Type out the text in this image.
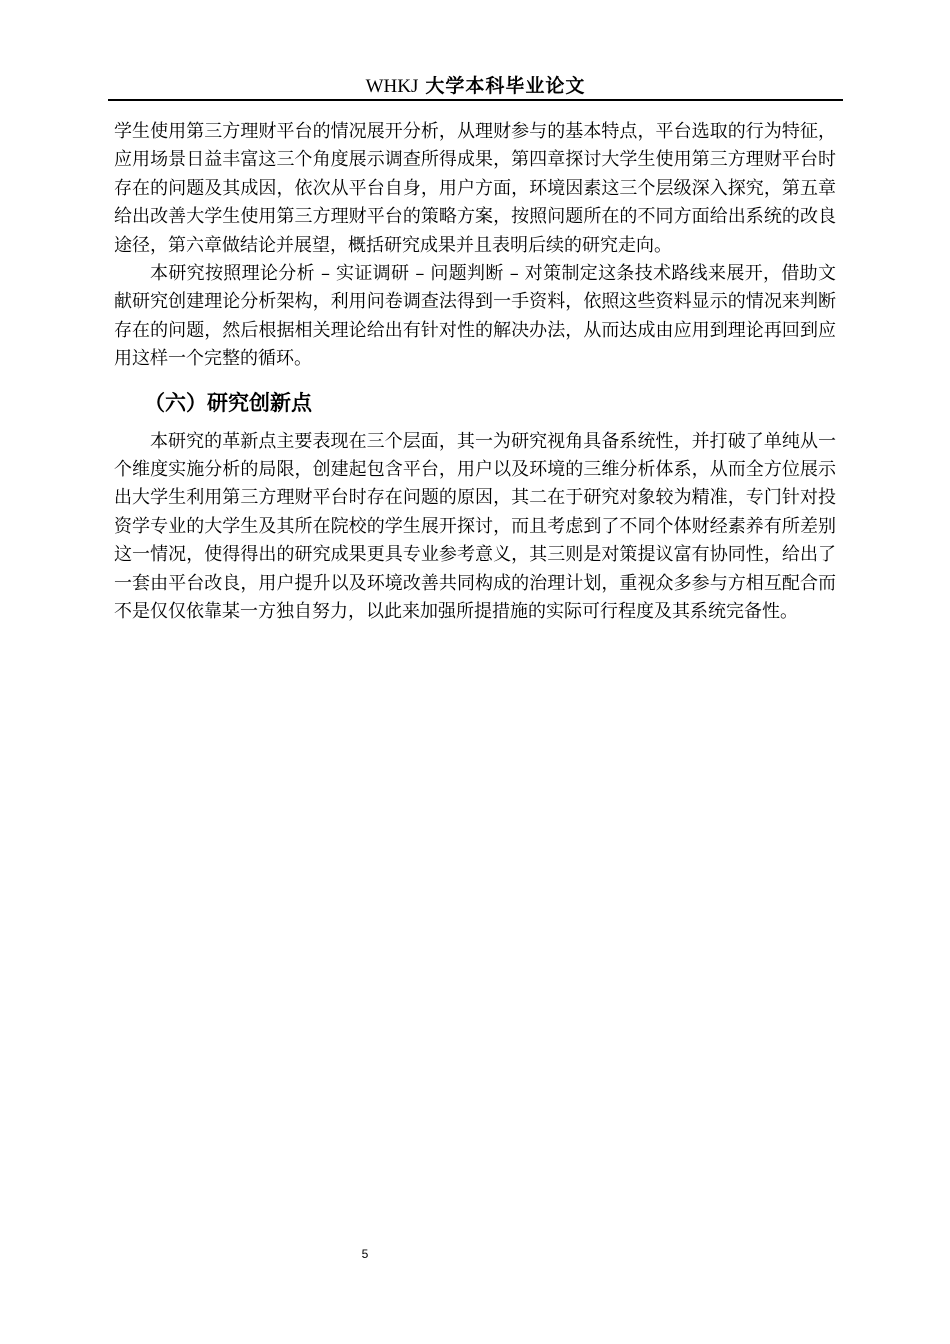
WHKJ 大学本科毕业论文

学生使用第三方理财平台的情况展开分析，从理财参与的基本特点，平台选取的行为特征，应用场景日益丰富这三个角度展示调查所得成果，第四章探讨大学生使用第三方理财平台时存在的问题及其成因，依次从平台自身，用户方面，环境因素这三个层级深入探究，第五章给出改善大学生使用第三方理财平台的策略方案，按照问题所在的不同方面给出系统的改良途径，第六章做结论并展望，概括研究成果并且表明后续的研究走向。

本研究按照理论分析 – 实证调研 – 问题判断 – 对策制定这条技术路线来展开，借助文献研究创建理论分析架构，利用问卷调查法得到一手资料，依照这些资料显示的情况来判断存在的问题，然后根据相关理论给出有针对性的解决办法，从而达成由应用到理论再回到应用这样一个完整的循环。

（六）研究创新点

本研究的革新点主要表现在三个层面，其一为研究视角具备系统性，并打破了单纯从一个维度实施分析的局限，创建起包含平台，用户以及环境的三维分析体系，从而全方位展示出大学生利用第三方理财平台时存在问题的原因，其二在于研究对象较为精准，专门针对投资学专业的大学生及其所在院校的学生展开探讨，而且考虑到了不同个体财经素养有所差别这一情况，使得得出的研究成果更具专业参考意义，其三则是对策提议富有协同性，给出了一套由平台改良，用户提升以及环境改善共同构成的治理计划，重视众多参与方相互配合而不是仅仅依靠某一方独自努力，以此来加强所提措施的实际可行程度及其系统完备性。

5
